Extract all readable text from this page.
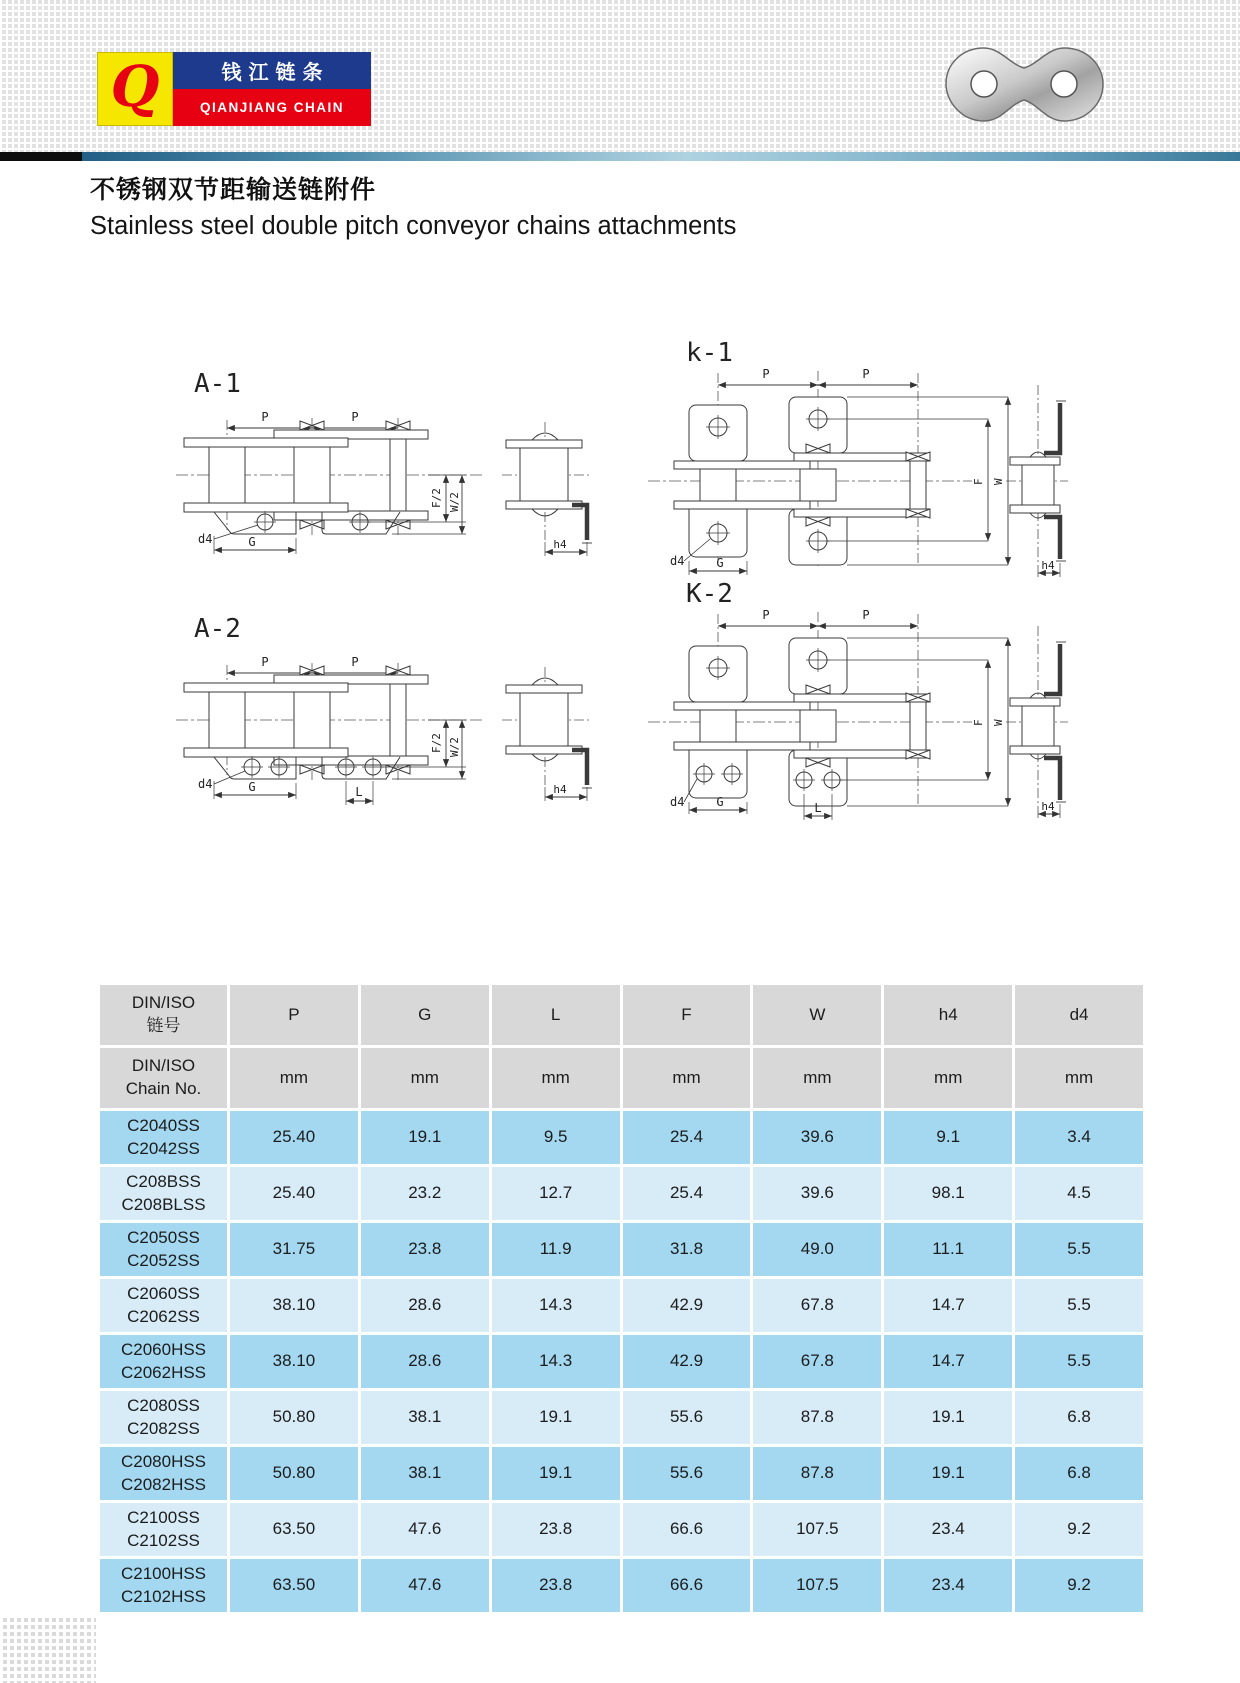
Q	钱江链条
QIANJIANG CHAIN
不锈钢双节距输送链附件
Stainless steel double pitch conveyor chains attachments
A-1
P	P
F/2 W/2
d4	G	h4
k-1
P	P
F W
d4	G	h4
A-2
P	P
F/2 W/2
d4	G	L	h4
K-2
P	P
F W
d4	G	L	h4
DIN/ISO
链号
P	G	L	F	W	h4	d4
DIN/ISO
Chain No.
mm	mm	mm	mm	mm	mm	mm
C2040SS
C2042SS
25.40	19.1	9.5	25.4	39.6	9.1	3.4
C208BSS
C208BLSS
25.40	23.2	12.7	25.4	39.6	98.1	4.5
C2050SS
C2052SS
31.75	23.8	11.9	31.8	49.0	11.1	5.5
C2060SS
C2062SS
38.10	28.6	14.3	42.9	67.8	14.7	5.5
C2060HSS
C2062HSS
38.10	28.6	14.3	42.9	67.8	14.7	5.5
C2080SS
C2082SS
50.80	38.1	19.1	55.6	87.8	19.1	6.8
C2080HSS
C2082HSS
50.80	38.1	19.1	55.6	87.8	19.1	6.8
C2100SS
C2102SS
63.50	47.6	23.8	66.6	107.5	23.4	9.2
C2100HSS
C2102HSS
63.50	47.6	23.8	66.6	107.5	23.4	9.2
